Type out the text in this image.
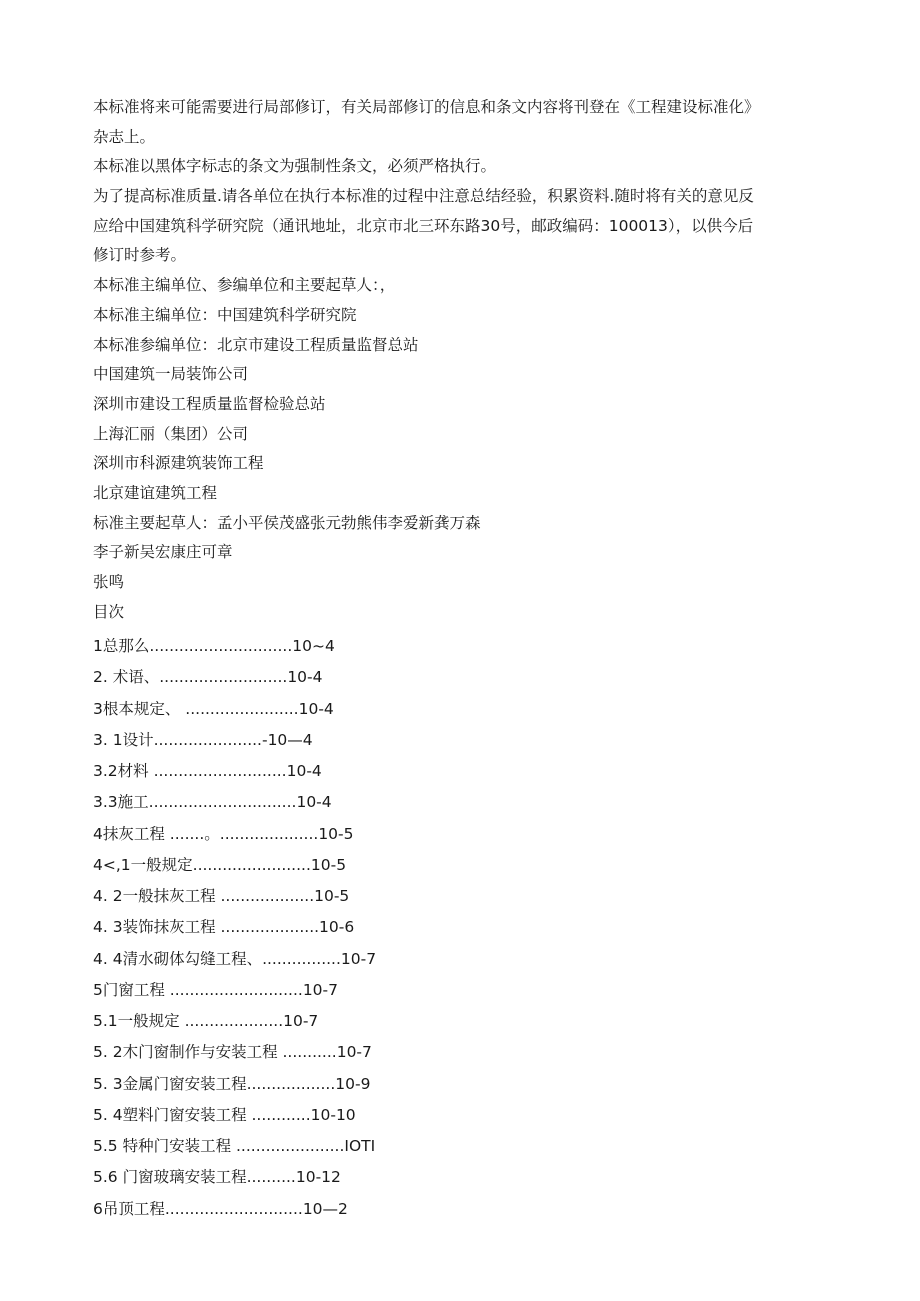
本标准将来可能需要进行局部修订，有关局部修订的信息和条文内容将刊登在《工程建设标准化》
杂志上。
本标准以黑体字标志的条文为强制性条文，必须严格执行。
为了提高标准质量.请各单位在执行本标准的过程中注意总结经验，积累资料.随时将有关的意见反
应给中国建筑科学研究院（通讯地址，北京市北三环东路30号，邮政编码：100013），以供今后
修订时参考。
本标准主编单位、参编单位和主要起草人：，
本标准主编单位：中国建筑科学研究院
本标准参编单位：北京市建设工程质量监督总站
中国建筑一局装饰公司
深圳市建设工程质量监督检验总站
上海汇丽（集团）公司
深圳市科源建筑装饰工程
北京建谊建筑工程
标准主要起草人：孟小平侯茂盛张元勃熊伟李爱新龚万森
李子新吴宏康庄可章
张鸣
目次
1总那么.............................10~4
2. 术语、..........................10-4
3根本规定、 .......................10-4
3. 1设计......................-10—4
3.2材料 ...........................10-4
3.3施工..............................10-4
4抹灰工程 .......。....................10-5
4<,1一般规定........................10-5
4. 2一般抹灰工程 ...................10-5
4. 3装饰抹灰工程 ....................10-6
4. 4清水砌体勾缝工程、................10-7
5门窗工程 ...........................10-7
5.1一般规定 ....................10-7
5. 2木门窗制作与安装工程 ...........10-7
5. 3金属门窗安装工程..................10-9
5. 4塑料门窗安装工程 ............10-10
5.5 特种门安装工程 ......................IOTI
5.6 门窗玻璃安装工程..........10-12
6吊顶工程............................10—2
